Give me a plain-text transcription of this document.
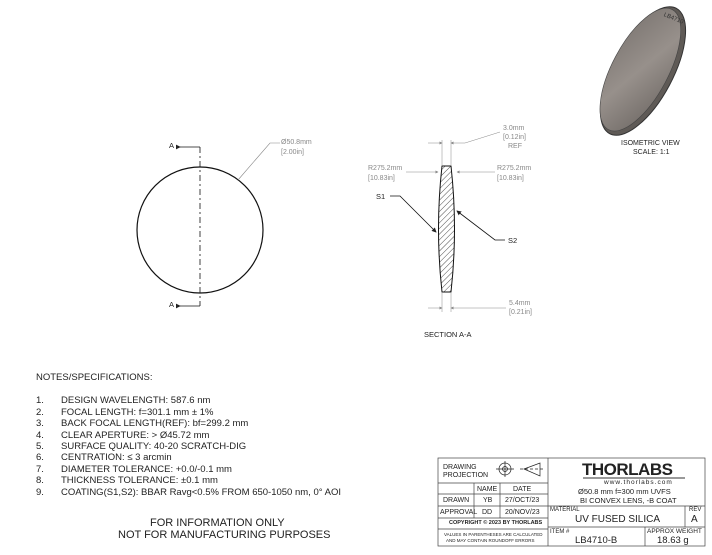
A
A
Ø50.8mm
[2.00in]
3.0mm
[0.12in]
REF
R275.2mm
[10.83in]
R275.2mm
[10.83in]
S1
S2
5.4mm
[0.21in]
SECTION A-A
LB4710
ISOMETRIC VIEW
SCALE: 1:1
NOTES/SPECIFICATIONS:
1. DESIGN WAVELENGTH: 587.6 nm
2. FOCAL LENGTH: f=301.1 mm ± 1%
3. BACK FOCAL LENGTH(REF): bf=299.2 mm
4. CLEAR APERTURE: > Ø45.72 mm
5. SURFACE QUALITY: 40-20 SCRATCH-DIG
6. CENTRATION: ≤ 3 arcmin
7. DIAMETER TOLERANCE: +0.0/-0.1 mm
8. THICKNESS TOLERANCE: ±0.1 mm
9. COATING(S1,S2): BBAR Ravg<0.5% FROM 650-1050 nm, 0° AOI
FOR INFORMATION ONLY
NOT FOR MANUFACTURING PURPOSES
DRAWING
PROJECTION
NAME DATE
DRAWN YB 27/OCT/23
APPROVAL DD 20/NOV/23
COPYRIGHT © 2023 BY THORLABS
VALUES IN PARENTHESES ARE CALCULATED
AND MAY CONTAIN ROUNDOFF ERRORS
THORLABS
www.thorlabs.com
Ø50.8 mm f=300 mm UVFS
BI CONVEX LENS, -B COAT
MATERIAL
UV FUSED SILICA
REV
A
ITEM #
LB4710-B
APPROX WEIGHT
18.63 g
